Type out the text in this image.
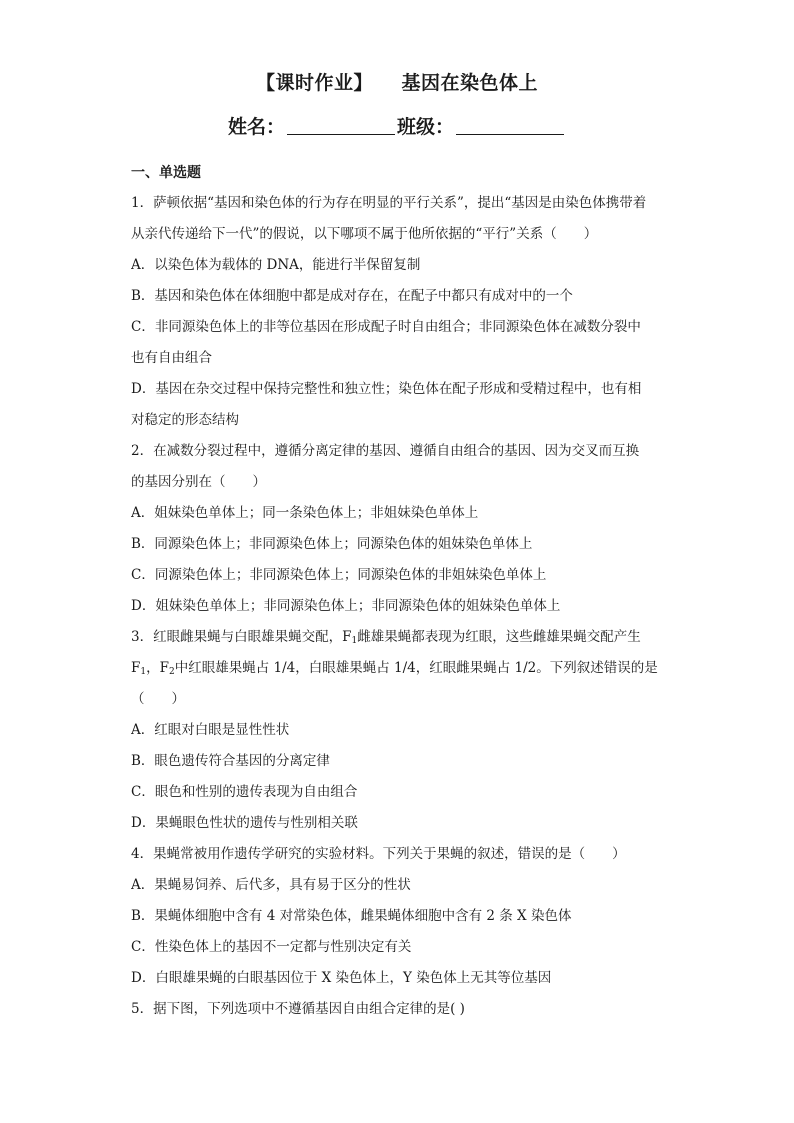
【课时作业】    基因在染色体上
姓名：	班级：
一、单选题
1．萨顿依据“基因和染色体的行为存在明显的平行关系”，提出“基因是由染色体携带着
从亲代传递给下一代”的假说，以下哪项不属于他所依据的“平行”关系（　　）
A．以染色体为载体的 DNA，能进行半保留复制
B．基因和染色体在体细胞中都是成对存在，在配子中都只有成对中的一个
C．非同源染色体上的非等位基因在形成配子时自由组合；非同源染色体在减数分裂中
也有自由组合
D．基因在杂交过程中保持完整性和独立性；染色体在配子形成和受精过程中，也有相
对稳定的形态结构
2．在减数分裂过程中，遵循分离定律的基因、遵循自由组合的基因、因为交叉而互换
的基因分别在（　　）
A．姐妹染色单体上；同一条染色体上；非姐妹染色单体上
B．同源染色体上；非同源染色体上；同源染色体的姐妹染色单体上
C．同源染色体上；非同源染色体上；同源染色体的非姐妹染色单体上
D．姐妹染色单体上；非同源染色体上；非同源染色体的姐妹染色单体上
3．红眼雌果蝇与白眼雄果蝇交配，$F_1$雌雄果蝇都表现为红眼，这些雌雄果蝇交配产生
$F_1$，$F_2$中红眼雄果蝇占 1/4，白眼雄果蝇占 1/4，红眼雌果蝇占 1/2。下列叙述错误的是
（　　）
A．红眼对白眼是显性性状
B．眼色遗传符合基因的分离定律
C．眼色和性别的遗传表现为自由组合
D．果蝇眼色性状的遗传与性别相关联
4．果蝇常被用作遗传学研究的实验材料。下列关于果蝇的叙述，错误的是（　　）
A．果蝇易饲养、后代多，具有易于区分的性状
B．果蝇体细胞中含有 4 对常染色体，雌果蝇体细胞中含有 2 条 X 染色体
C．性染色体上的基因不一定都与性别决定有关
D．白眼雄果蝇的白眼基因位于 X 染色体上，Y 染色体上无其等位基因
5．据下图，下列选项中不遵循基因自由组合定律的是( )
